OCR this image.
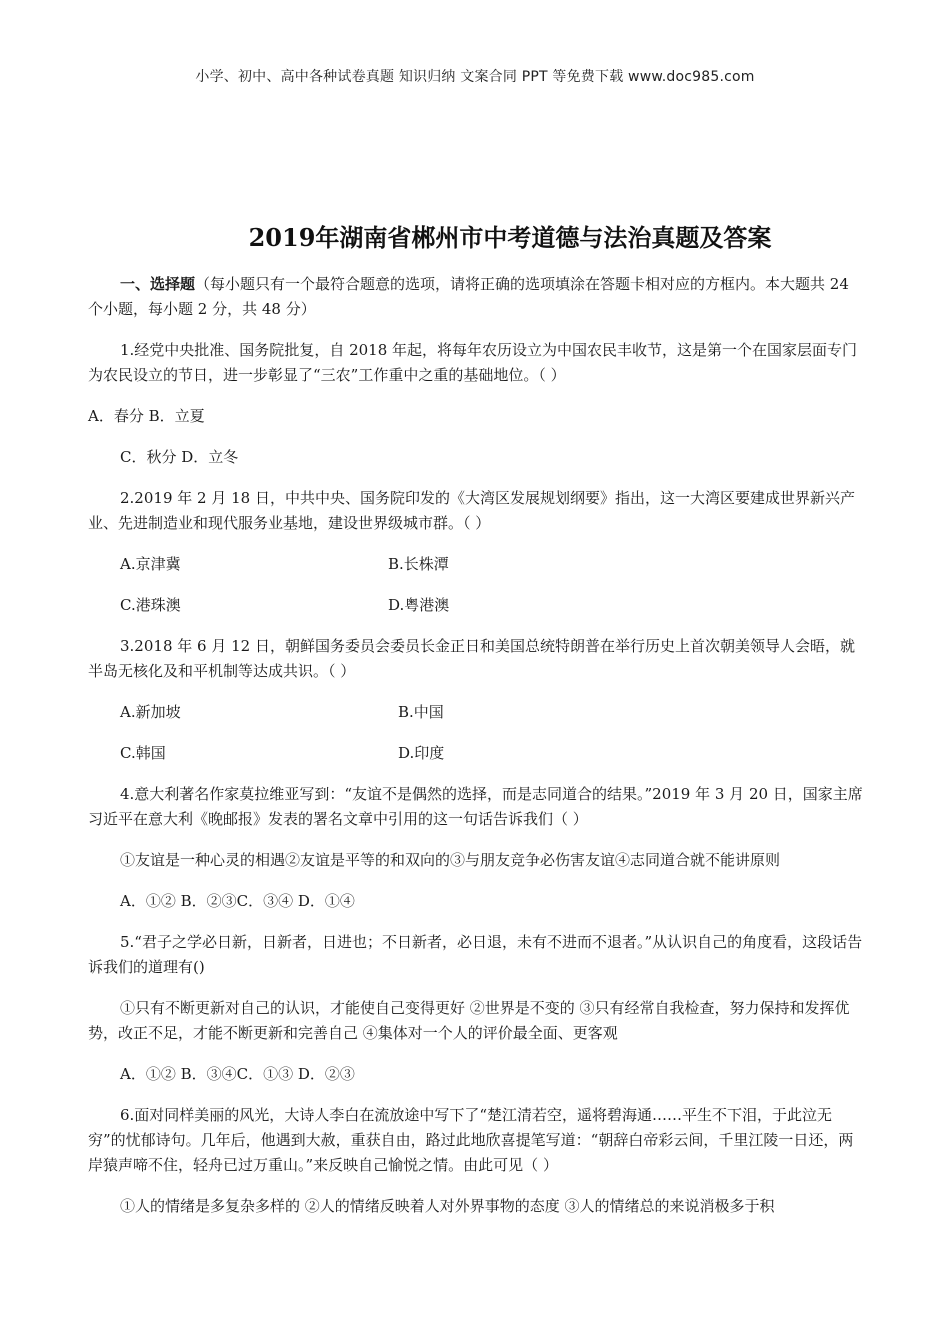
小学、初中、高中各种试卷真题 知识归纳 文案合同 PPT 等免费下载 www.doc985.com
2019年湖南省郴州市中考道德与法治真题及答案

一、选择题（每小题只有一个最符合题意的选项，请将正确的选项填涂在答题卡相对应的方框内。本大题共 24 个小题，每小题 2 分，共 48 分）

1.经党中央批准、国务院批复，自 2018 年起，将每年农历设立为中国农民丰收节，这是第一个在国家层面专门为农民设立的节日，进一步彰显了“三农”工作重中之重的基础地位。（ ）

A．春分 B．立夏
C．秋分 D．立冬

2.2019 年 2 月 18 日，中共中央、国务院印发的《大湾区发展规划纲要》指出，这一大湾区要建成世界新兴产业、先进制造业和现代服务业基地，建设世界级城市群。（ ）

A.京津冀	B.长株潭
C.港珠澳	D.粤港澳

3.2018 年 6 月 12 日，朝鲜国务委员会委员长金正日和美国总统特朗普在举行历史上首次朝美领导人会晤，就半岛无核化及和平机制等达成共识。（ ）

A.新加坡	B.中国
C.韩国	D.印度

4.意大利著名作家莫拉维亚写到：“友谊不是偶然的选择，而是志同道合的结果。”2019 年 3 月 20 日，国家主席习近平在意大利《晚邮报》发表的署名文章中引用的这一句话告诉我们（ ）

①友谊是一种心灵的相遇②友谊是平等的和双向的③与朋友竞争必伤害友谊④志同道合就不能讲原则

A．①② B．②③C．③④ D．①④

5.“君子之学必日新，日新者，日进也；不日新者，必日退，未有不进而不退者。”从认识自己的角度看，这段话告诉我们的道理有()

①只有不断更新对自己的认识，才能使自己变得更好 ②世界是不变的 ③只有经常自我检查，努力保持和发挥优势，改正不足，才能不断更新和完善自己 ④集体对一个人的评价最全面、更客观

A．①② B．③④C．①③ D．②③

6.面对同样美丽的风光，大诗人李白在流放途中写下了“楚江清若空，遥将碧海通……平生不下泪，于此泣无穷”的忧郁诗句。几年后，他遇到大赦，重获自由，路过此地欣喜提笔写道：“朝辞白帝彩云间，千里江陵一日还，两岸猿声啼不住，轻舟已过万重山。”来反映自己愉悦之情。由此可见（ ）

①人的情绪是多复杂多样的 ②人的情绪反映着人对外界事物的态度 ③人的情绪总的来说消极多于积
